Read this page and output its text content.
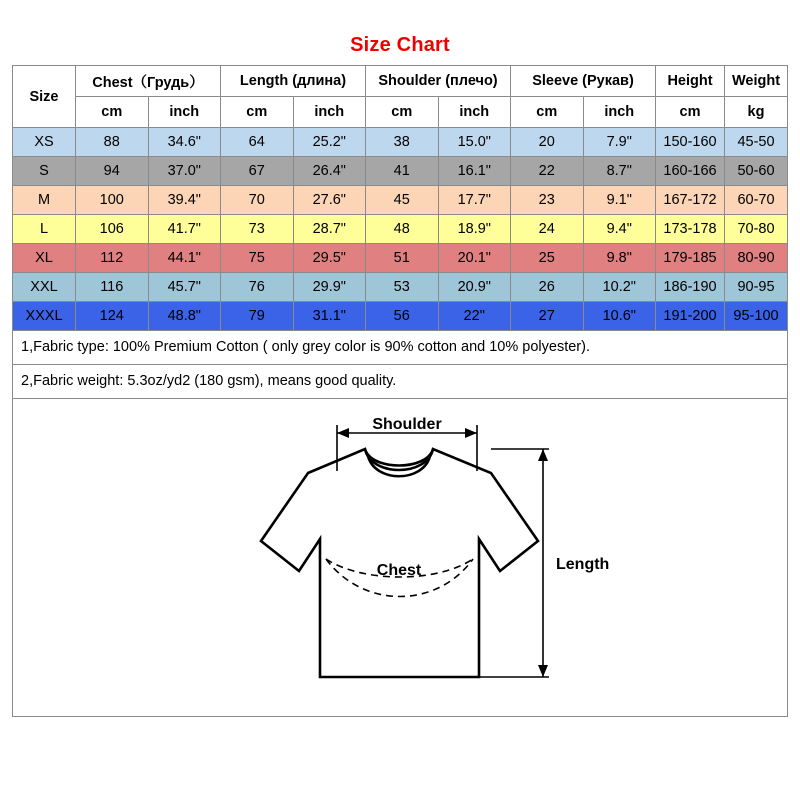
Size Chart
Size	Chest（Грудь）		Length (длина)		Shoulder (плечо)		Sleeve (Рукав)		Height	Weight
	cm	inch	cm	inch	cm	inch	cm	inch	cm	kg
XS	88	34.6"	64	25.2"	38	15.0"	20	7.9"	150-160	45-50
S	94	37.0"	67	26.4"	41	16.1"	22	8.7"	160-166	50-60
M	100	39.4"	70	27.6"	45	17.7"	23	9.1"	167-172	60-70
L	106	41.7"	73	28.7"	48	18.9"	24	9.4"	173-178	70-80
XL	112	44.1"	75	29.5"	51	20.1"	25	9.8"	179-185	80-90
XXL	116	45.7"	76	29.9"	53	20.9"	26	10.2"	186-190	90-95
XXXL	124	48.8"	79	31.1"	56	22"	27	10.6"	191-200	95-100
1,Fabric type: 100% Premium Cotton ( only grey color is 90% cotton and 10% polyester).
2,Fabric weight: 5.3oz/yd2 (180 gsm), means good quality.
Chest
Shoulder
Length
